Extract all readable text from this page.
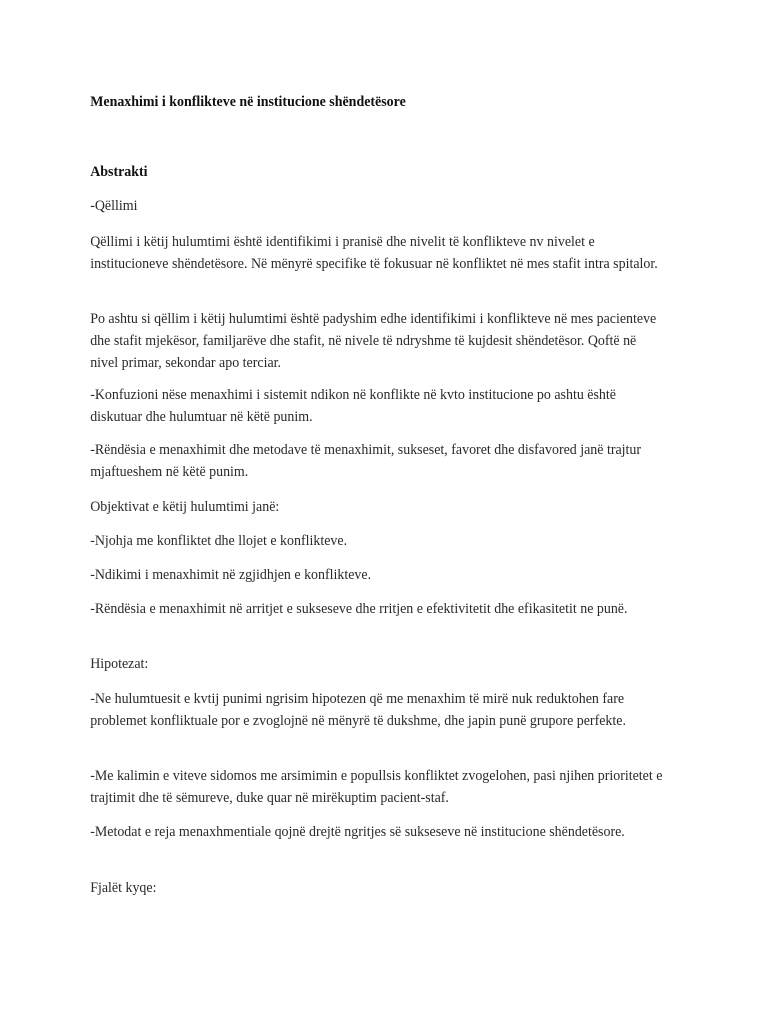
Menaxhimi i konflikteve në institucione shëndetësore

Abstrakti

-Qëllimi

Qëllimi i këtij hulumtimi është identifikimi i pranisë dhe nivelit të konflikteve nv nivelet e institucioneve shëndetësore. Në mënyrë specifike të fokusuar në konfliktet në mes stafit intra spitalor.

Po ashtu si qëllim i këtij hulumtimi është padyshim edhe identifikimi i konflikteve në mes pacienteve dhe stafit mjekësor, familjarëve dhe stafit, në nivele të ndryshme të kujdesit shëndetësor. Qoftë në nivel primar, sekondar apo terciar.

-Konfuzioni nëse menaxhimi i sistemit ndikon në konflikte në kvto institucione po ashtu është diskutuar dhe hulumtuar në këtë punim.

-Rëndësia e menaxhimit dhe metodave të menaxhimit, sukseset, favoret dhe disfavored janë trajtur mjaftueshem në këtë punim.

Objektivat e këtij hulumtimi janë:

-Njohja me konfliktet dhe llojet e konflikteve.

-Ndikimi i menaxhimit në zgjidhjen e konflikteve.

-Rëndësia e menaxhimit në arritjet e sukseseve dhe rritjen e efektivitetit dhe efikasitetit ne punë.

Hipotezat:

-Ne hulumtuesit e kvtij punimi ngrisim hipotezen që me menaxhim të mirë nuk reduktohen fare problemet konfliktuale por e zvoglojnë në mënyrë të dukshme, dhe japin punë grupore perfekte.

-Me kalimin e viteve sidomos me arsimimin e popullsis konfliktet zvogelohen, pasi njihen prioritetet e trajtimit dhe të sëmureve, duke quar në mirëkuptim pacient-staf.

-Metodat e reja menaxhmentiale qojnë drejtë ngritjes së sukseseve në institucione shëndetësore.

Fjalët kyqe:
